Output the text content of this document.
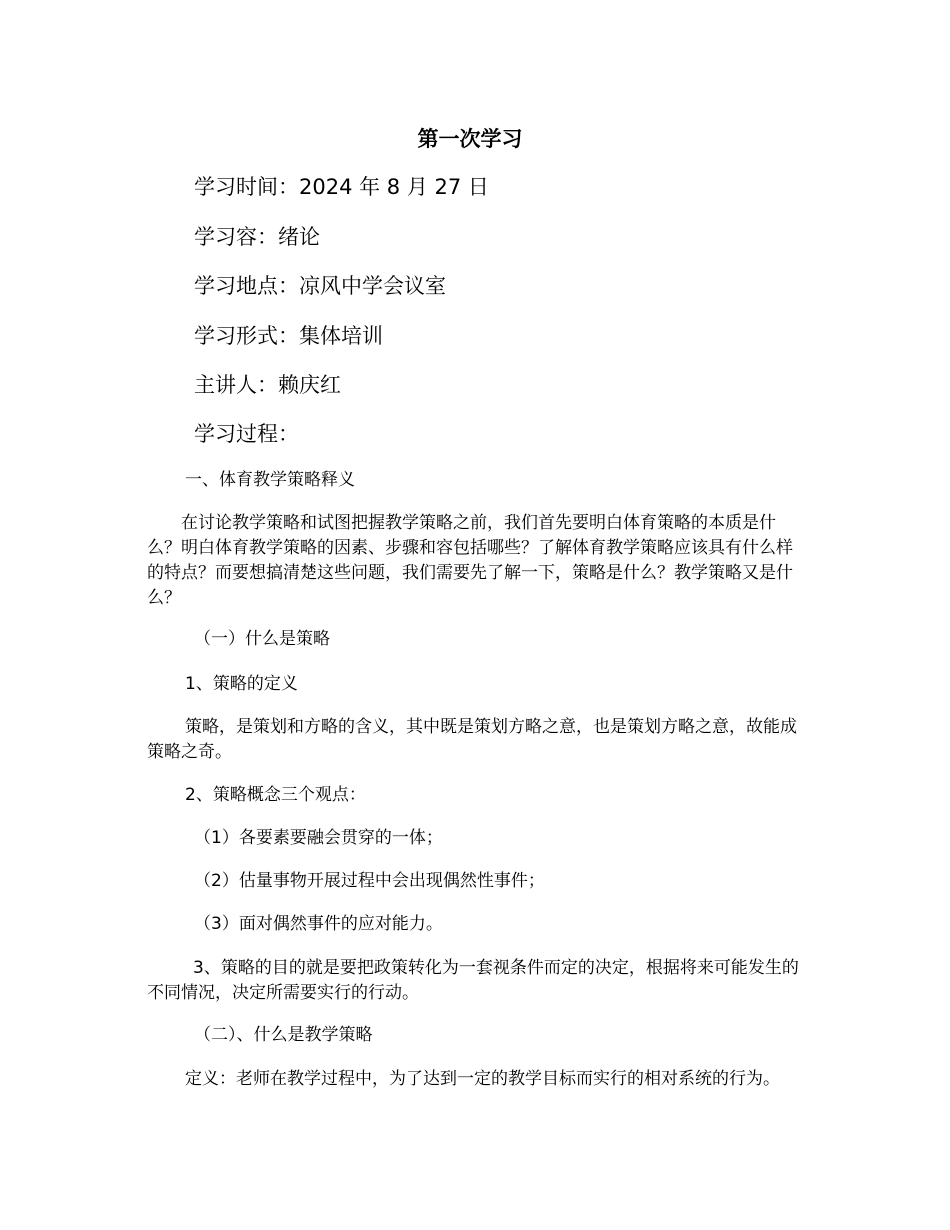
第一次学习

学习时间：2024 年 8 月 27 日

学习容：绪论

学习地点：凉风中学会议室

学习形式：集体培训

主讲人：赖庆红

学习过程：

一、体育教学策略释义

　　在讨论教学策略和试图把握教学策略之前，我们首先要明白体育策略的本质是什么？明白体育教学策略的因素、步骤和容包括哪些？了解体育教学策略应该具有什么样的特点？而要想搞清楚这些问题，我们需要先了解一下，策略是什么？教学策略又是什么？

（一）什么是策略

1、策略的定义

策略，是策划和方略的含义，其中既是策划方略之意，也是策划方略之意，故能成策略之奇。

2、策略概念三个观点：

（1）各要素要融会贯穿的一体；

（2）估量事物开展过程中会出现偶然性事件；

（3）面对偶然事件的应对能力。

3、策略的目的就是要把政策转化为一套视条件而定的决定，根据将来可能发生的不同情况，决定所需要实行的行动。

（二）、什么是教学策略

定义：老师在教学过程中，为了达到一定的教学目标而实行的相对系统的行为。
